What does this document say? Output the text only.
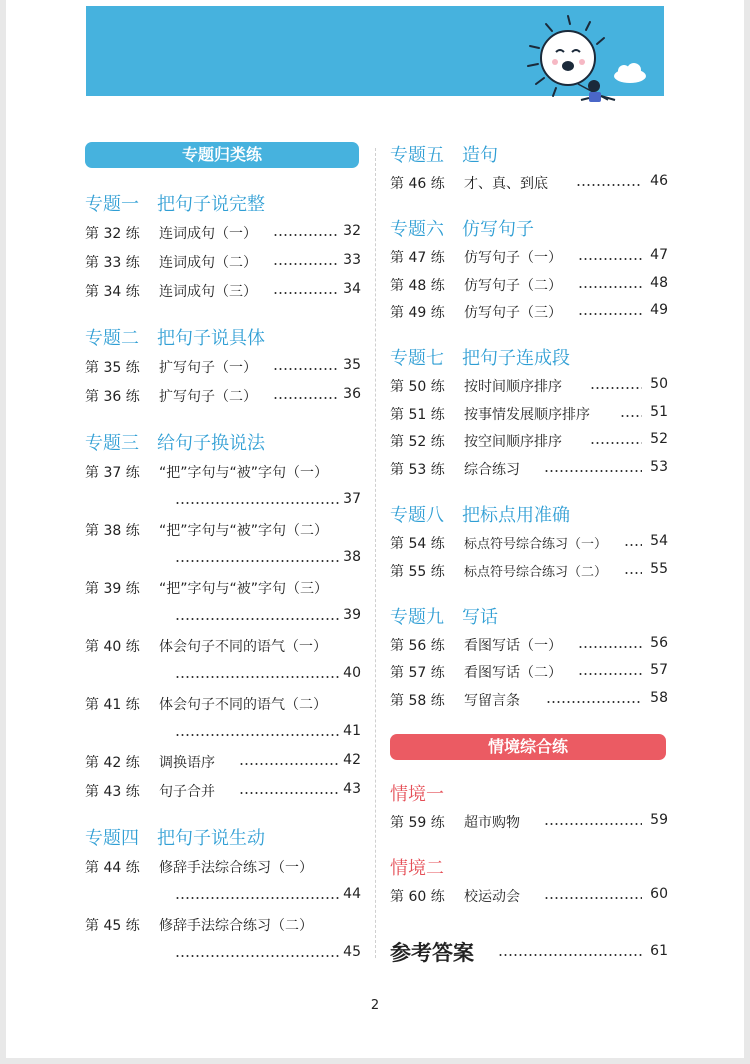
专题归类练
专题一 把句子说完整
第 32 练 连词成句（一）	32
第 33 练 连词成句（二）	33
第 34 练 连词成句（三）	34
专题二 把句子说具体
第 35 练 扩写句子（一）	35
第 36 练 扩写句子（二）	36
专题三 给句子换说法
第 37 练 “把”字句与“被”字句（一）
37
第 38 练 “把”字句与“被”字句（二）
38
第 39 练 “把”字句与“被”字句（三）
39
第 40 练 体会句子不同的语气（一）
40
第 41 练 体会句子不同的语气（二）
41
第 42 练 调换语序	42
第 43 练 句子合并	43
专题四 把句子说生动
第 44 练 修辞手法综合练习（一）
44
第 45 练 修辞手法综合练习（二）
45
专题五 造句
第 46 练 才、真、到底	46
专题六 仿写句子
第 47 练 仿写句子（一）	47
第 48 练 仿写句子（二）	48
第 49 练 仿写句子（三）	49
专题七 把句子连成段
第 50 练 按时间顺序排序	50
第 51 练 按事情发展顺序排序	51
第 52 练 按空间顺序排序	52
第 53 练 综合练习	53
专题八 把标点用准确
第 54 练 标点符号综合练习（一）	54
第 55 练 标点符号综合练习（二）	55
专题九 写话
第 56 练 看图写话（一）	56
第 57 练 看图写话（二）	57
第 58 练 写留言条	58
情境综合练
情境一
第 59 练 超市购物	59
情境二
第 60 练 校运动会	60
参考答案	61
2
